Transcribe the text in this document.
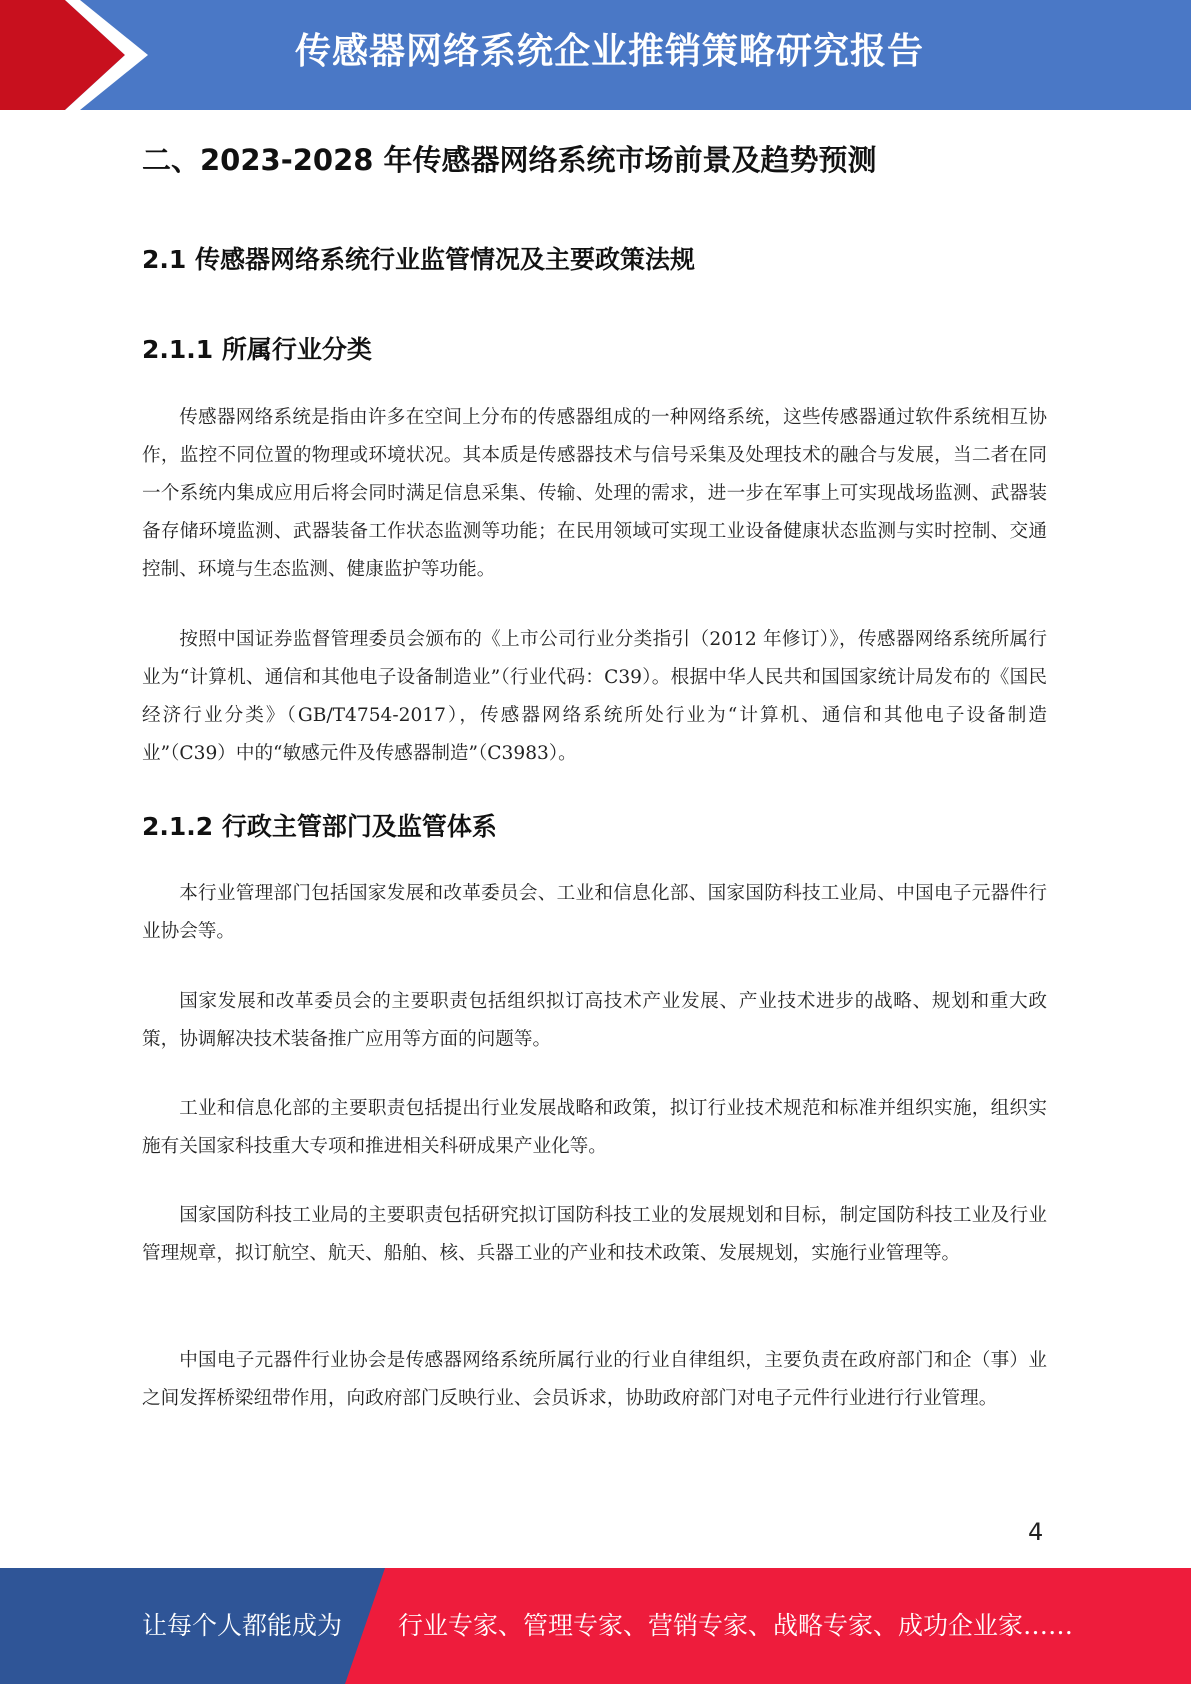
传感器网络系统企业推销策略研究报告
二、2023-2028 年传感器网络系统市场前景及趋势预测
2.1 传感器网络系统行业监管情况及主要政策法规
2.1.1 所属行业分类

传感器网络系统是指由许多在空间上分布的传感器组成的一种网络系统，这些传感器通过软件系统相互协作，监控不同位置的物理或环境状况。其本质是传感器技术与信号采集及处理技术的融合与发展，当二者在同一个系统内集成应用后将会同时满足信息采集、传输、处理的需求，进一步在军事上可实现战场监测、武器装备存储环境监测、武器装备工作状态监测等功能；在民用领域可实现工业设备健康状态监测与实时控制、交通控制、环境与生态监测、健康监护等功能。

按照中国证券监督管理委员会颁布的《上市公司行业分类指引（2012 年修订）》，传感器网络系统所属行业为“计算机、通信和其他电子设备制造业”（行业代码：C39）。根据中华人民共和国国家统计局发布的《国民经济行业分类》（GB/T4754-2017），传感器网络系统所处行业为“计算机、通信和其他电子设备制造业”（C39）中的“敏感元件及传感器制造”（C3983）。

2.1.2 行政主管部门及监管体系

本行业管理部门包括国家发展和改革委员会、工业和信息化部、国家国防科技工业局、中国电子元器件行业协会等。

国家发展和改革委员会的主要职责包括组织拟订高技术产业发展、产业技术进步的战略、规划和重大政策，协调解决技术装备推广应用等方面的问题等。

工业和信息化部的主要职责包括提出行业发展战略和政策，拟订行业技术规范和标准并组织实施，组织实施有关国家科技重大专项和推进相关科研成果产业化等。

国家国防科技工业局的主要职责包括研究拟订国防科技工业的发展规划和目标，制定国防科技工业及行业管理规章，拟订航空、航天、船舶、核、兵器工业的产业和技术政策、发展规划，实施行业管理等。

中国电子元器件行业协会是传感器网络系统所属行业的行业自律组织，主要负责在政府部门和企（事）业之间发挥桥梁纽带作用，向政府部门反映行业、会员诉求，协助政府部门对电子元件行业进行行业管理。

4
让每个人都能成为 行业专家、管理专家、营销专家、战略专家、成功企业家……
